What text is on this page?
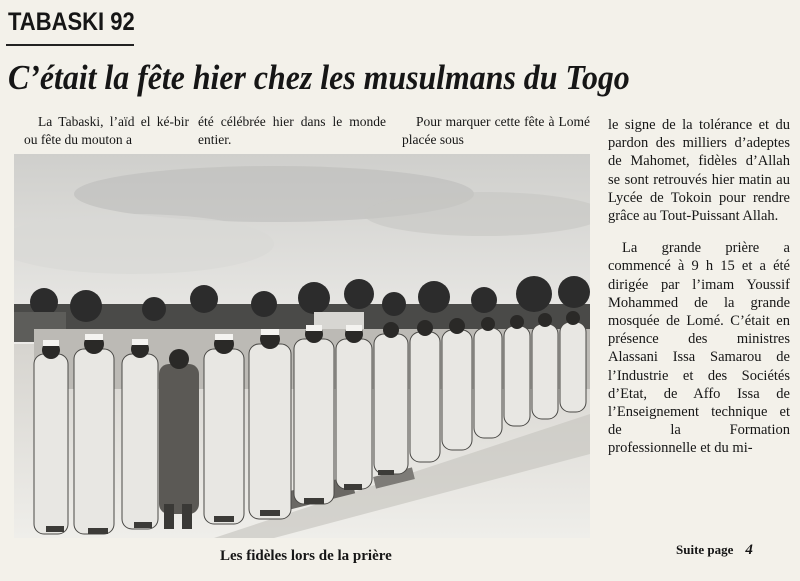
TABASKI 92
C’était la fête hier chez les musulmans du Togo

La Tabaski, l’aïd el ké-bir ou fête du mouton a

été célébrée hier dans le monde entier.

Pour marquer cette fête à Lomé placée sous

le signe de la tolérance et du pardon des milliers d’adeptes de Mahomet, fidèles d’Allah se sont retrouvés hier matin au Lycée de Tokoin pour rendre grâce au Tout-Puissant Allah.

La grande prière a commencé à 9 h 15 et a été dirigée par l’imam Youssif Mohammed de la grande mosquée de Lomé. C’était en présence des ministres Alassani Issa Samarou de l’Industrie et des Sociétés d’Etat, de Affo Issa de l’Enseignement technique et de la Formation professionnelle et du mi-

Les fidèles lors de la prière	Suite page 4
